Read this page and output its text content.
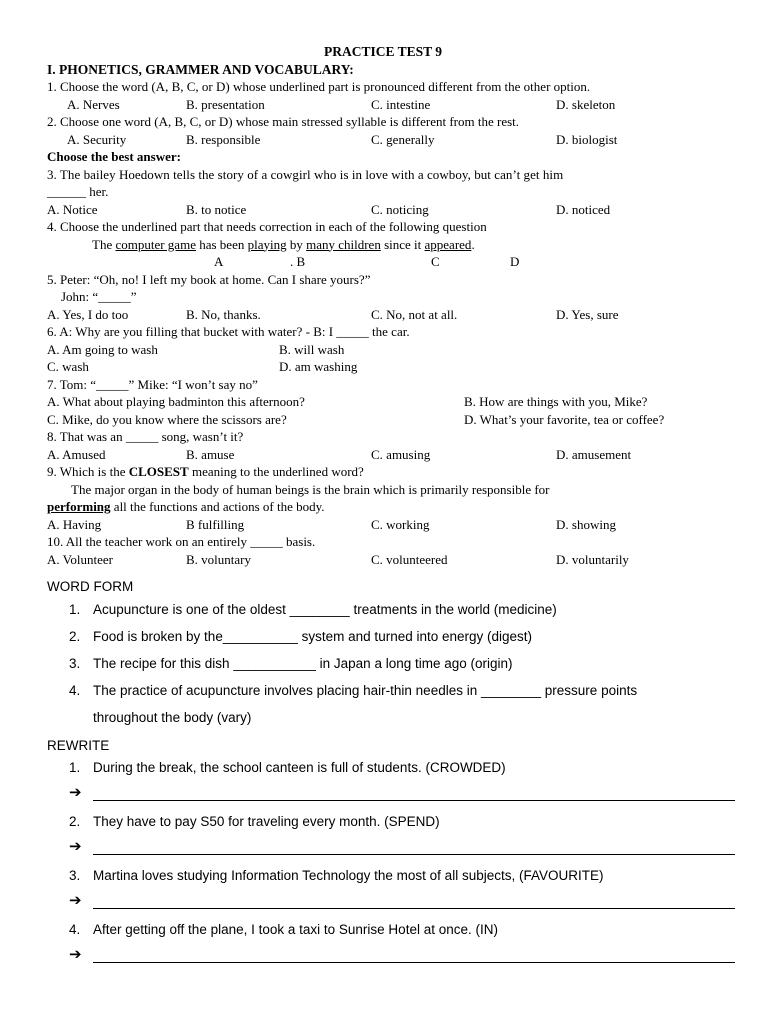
PRACTICE TEST 9
I. PHONETICS, GRAMMER AND VOCABULARY:
1. Choose the word (A, B, C, or D) whose underlined part is pronounced different from the other option.
A. Nerves	B. presentation	C. intestine	D. skeleton
2. Choose one word (A, B, C, or D) whose main stressed syllable is different from the rest.
A. Security	B. responsible	C. generally	D. biologist
Choose the best answer:
3. The bailey Hoedown tells the story of a cowgirl who is in love with a cowboy, but can’t get him
______ her.
A. Notice	B. to notice	C. noticing	D. noticed
4. Choose the underlined part that needs correction in each of the following question
The computer game has been playing by many children since it appeared.
A	. B	C	D
5. Peter: “Oh, no! I left my book at home. Can I share yours?”
John: “_____”
A. Yes, I do too	B. No, thanks.	C. No, not at all.	D. Yes, sure
6. A: Why are you filling that bucket with water? - B: I _____ the car.
A. Am going to wash	B. will wash
C. wash	D. am washing
7. Tom: “_____” Mike: “I won’t say no”
A. What about playing badminton this afternoon?	B. How are things with you, Mike?
C. Mike, do you know where the scissors are?	D. What’s your favorite, tea or coffee?
8. That was an _____ song, wasn’t it?
A. Amused	B. amuse	C. amusing	D. amusement
9. Which is the CLOSEST meaning to the underlined word?
The major organ in the body of human beings is the brain which is primarily responsible for
performing all the functions and actions of the body.
A. Having	B fulfilling	C. working	D. showing
10. All the teacher work on an entirely _____ basis.
A. Volunteer	B. voluntary	C. volunteered	D. voluntarily
WORD FORM
1. Acupuncture is one of the oldest ________ treatments in the world (medicine)
2. Food is broken by the__________ system and turned into energy (digest)
3. The recipe for this dish ___________ in Japan a long time ago (origin)
4. The practice of acupuncture involves placing hair-thin needles in ________ pressure points
throughout the body (vary)
REWRITE
1. During the break, the school canteen is full of students. (CROWDED)
➔
2. They have to pay S50 for traveling every month. (SPEND)
➔
3. Martina loves studying Information Technology the most of all subjects, (FAVOURITE)
➔
4. After getting off the plane, I took a taxi to Sunrise Hotel at once. (IN)
➔
